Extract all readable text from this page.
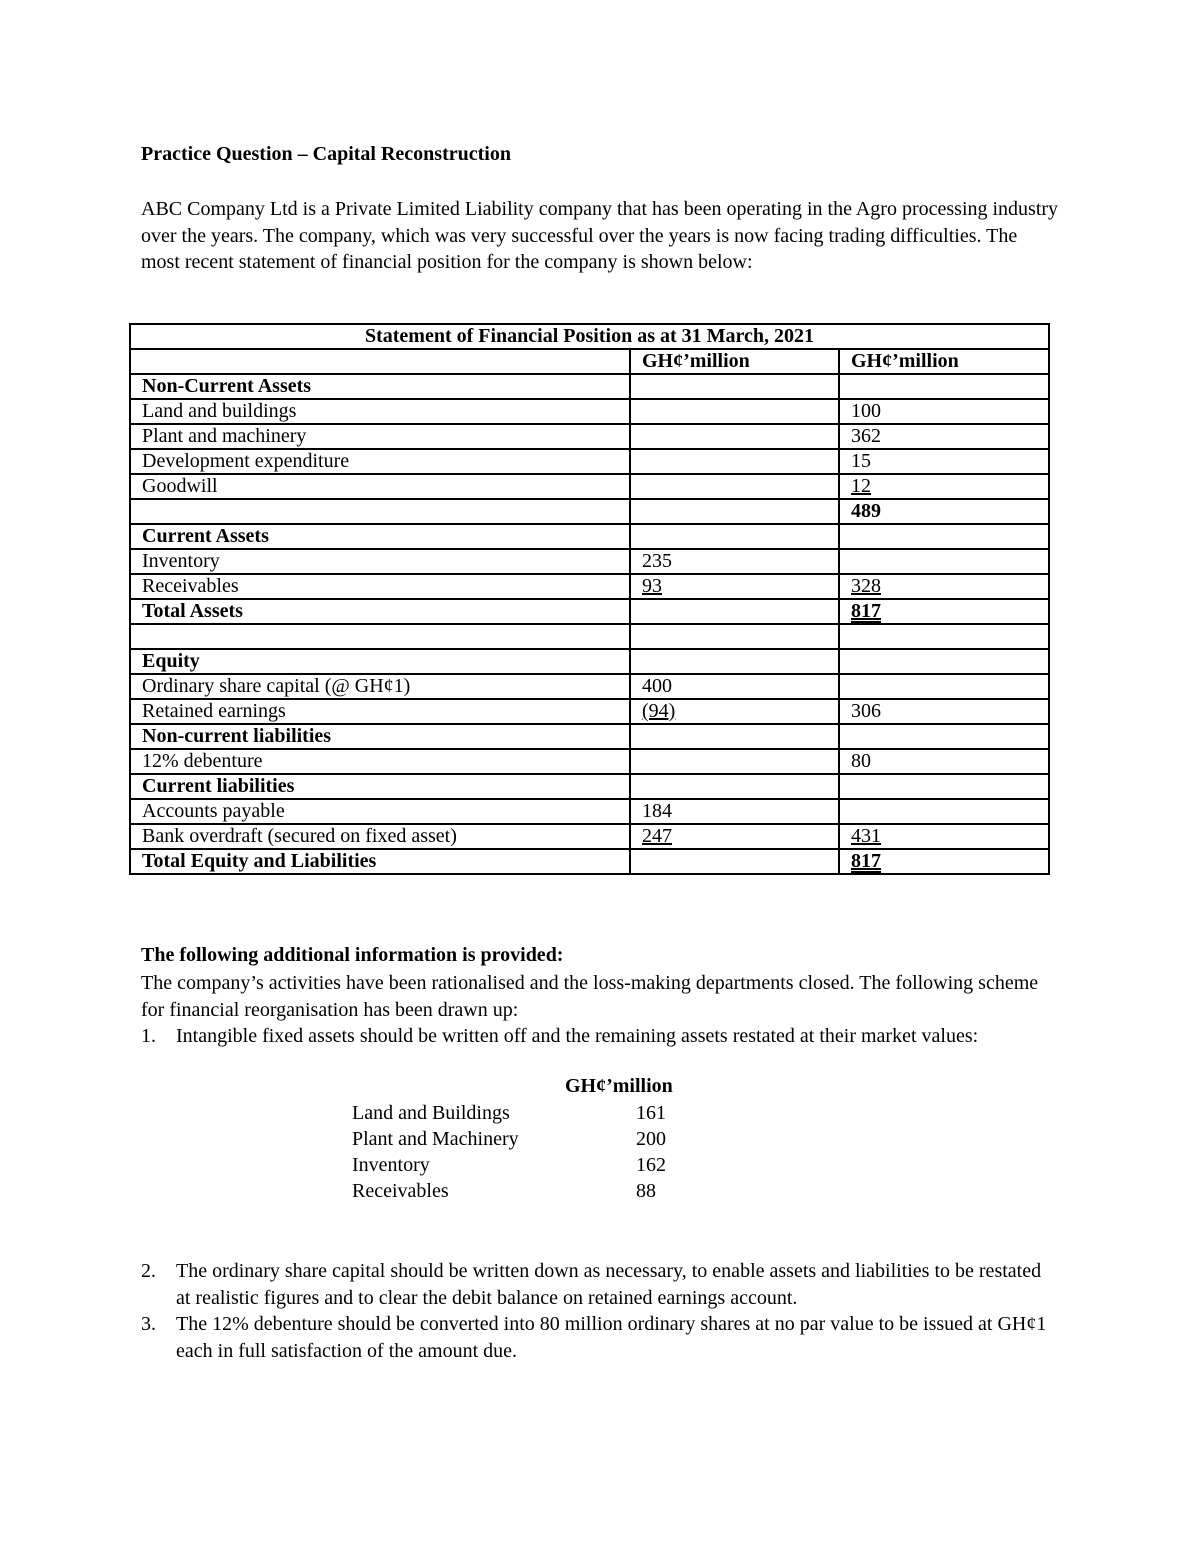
Practice Question – Capital Reconstruction
ABC Company Ltd is a Private Limited Liability company that has been operating in the Agro processing industry over the years. The company, which was very successful over the years is now facing trading difficulties. The most recent statement of financial position for the company is shown below:
Statement of Financial Position as at 31 March, 2021		
	GH¢’million	GH¢’million
Non-Current Assets		
Land and buildings		100
Plant and machinery		362
Development expenditure		15
Goodwill		12
		489
Current Assets		
Inventory	235	
Receivables	93	328
Total Assets		817

Equity		
Ordinary share capital (@ GH¢1)	400	
Retained earnings	(94)	306
Non-current liabilities		
12% debenture		80
Current liabilities		
Accounts payable	184	
Bank overdraft (secured on fixed asset)	247	431
Total Equity and Liabilities		817
The following additional information is provided:
The company’s activities have been rationalised and the loss-making departments closed. The following scheme for financial reorganisation has been drawn up:
1. Intangible fixed assets should be written off and the remaining assets restated at their market values:
GH¢’million
Land and Buildings	161
Plant and Machinery	200
Inventory	162
Receivables	88
2. The ordinary share capital should be written down as necessary, to enable assets and liabilities to be restated at realistic figures and to clear the debit balance on retained earnings account.
3. The 12% debenture should be converted into 80 million ordinary shares at no par value to be issued at GH¢1 each in full satisfaction of the amount due.
